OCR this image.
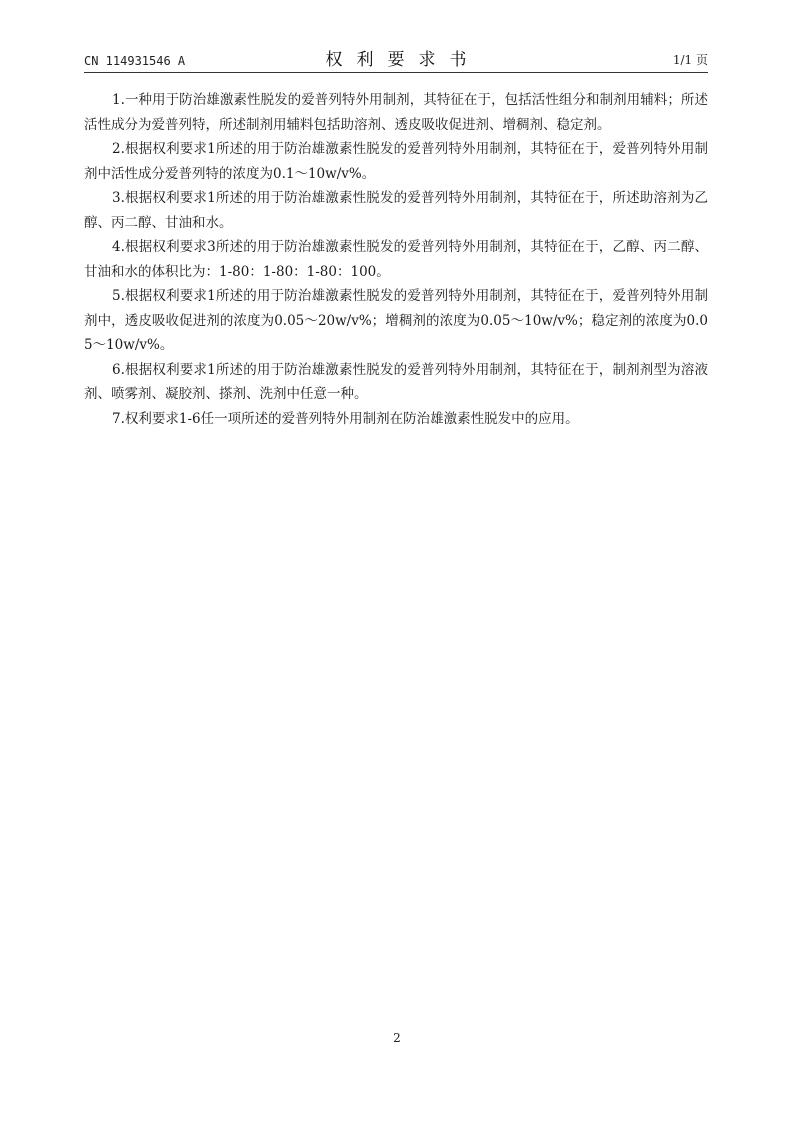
CN 114931546 A	权利要求书	1/1 页

1.一种用于防治雄激素性脱发的爱普列特外用制剂，其特征在于，包括活性组分和制剂用辅料；所述活性成分为爱普列特，所述制剂用辅料包括助溶剂、透皮吸收促进剂、增稠剂、稳定剂。

2.根据权利要求1所述的用于防治雄激素性脱发的爱普列特外用制剂，其特征在于，爱普列特外用制剂中活性成分爱普列特的浓度为0.1～10w/v%。

3.根据权利要求1所述的用于防治雄激素性脱发的爱普列特外用制剂，其特征在于，所述助溶剂为乙醇、丙二醇、甘油和水。

4.根据权利要求3所述的用于防治雄激素性脱发的爱普列特外用制剂，其特征在于，乙醇、丙二醇、甘油和水的体积比为：1-80：1-80：1-80：100。

5.根据权利要求1所述的用于防治雄激素性脱发的爱普列特外用制剂，其特征在于，爱普列特外用制剂中，透皮吸收促进剂的浓度为0.05～20w/v%；增稠剂的浓度为0.05～10w/v%；稳定剂的浓度为0.05～10w/v%。

6.根据权利要求1所述的用于防治雄激素性脱发的爱普列特外用制剂，其特征在于，制剂剂型为溶液剂、喷雾剂、凝胶剂、搽剂、洗剂中任意一种。

7.权利要求1-6任一项所述的爱普列特外用制剂在防治雄激素性脱发中的应用。

2
